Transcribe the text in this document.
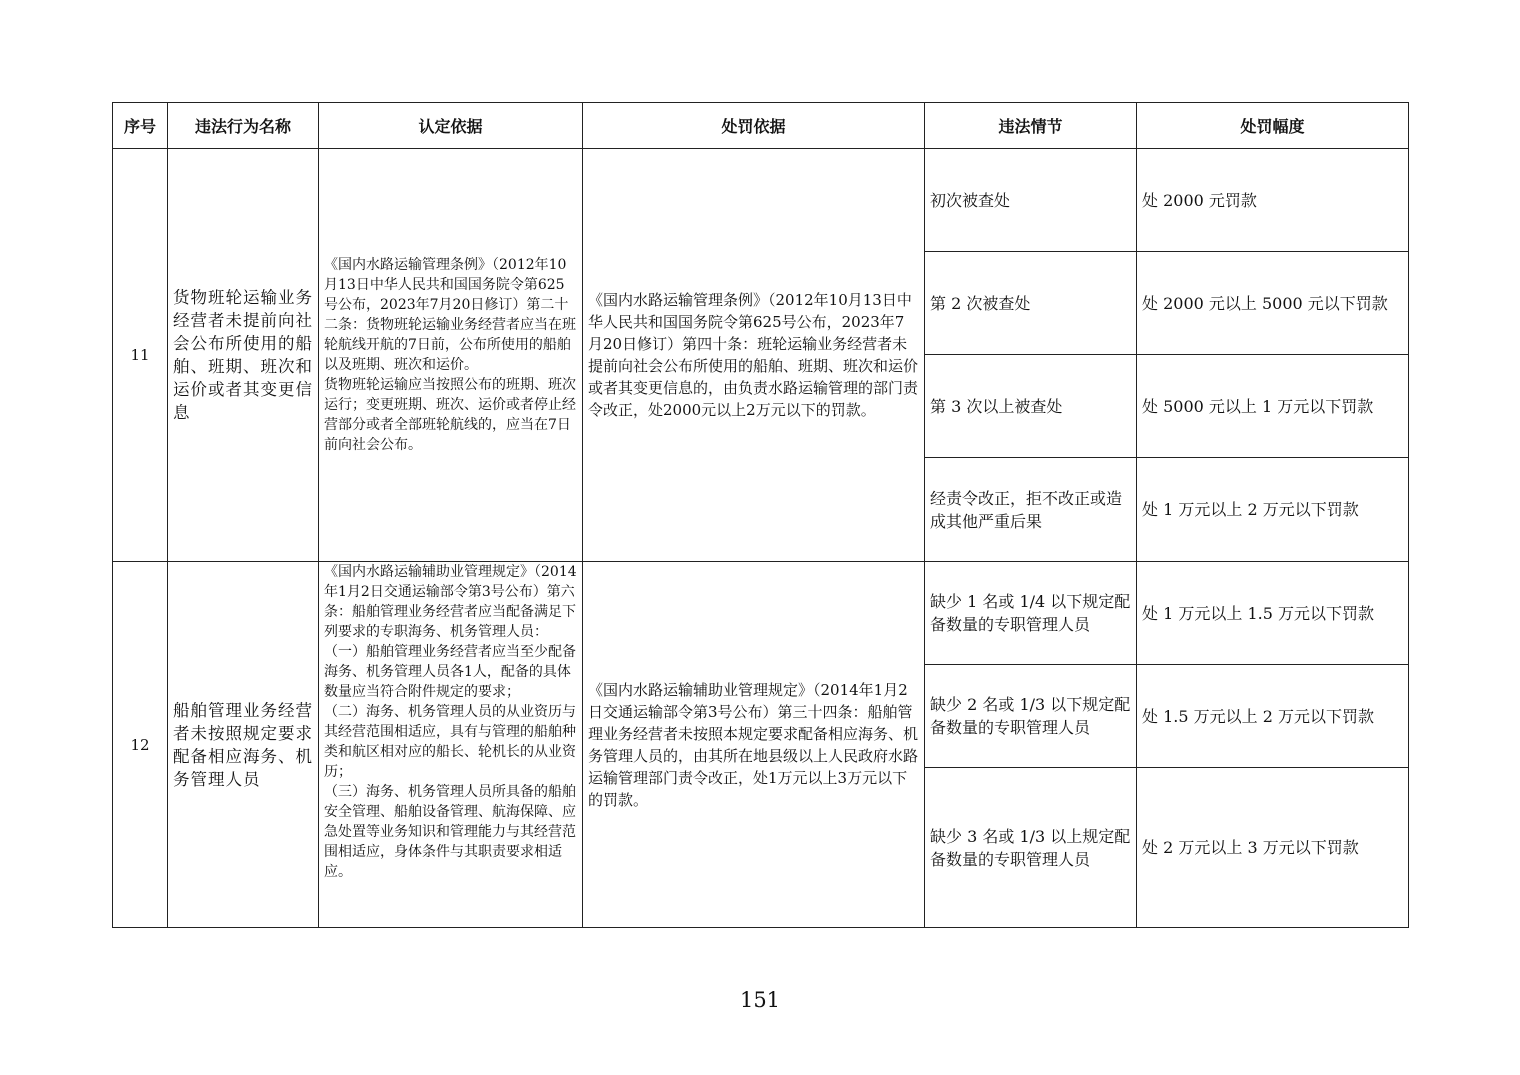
序号	违法行为名称	认定依据	处罚依据	违法情节	处罚幅度
11	货物班轮运输业务经营者未提前向社会公布所使用的船舶、班期、班次和运价或者其变更信息	《国内水路运输管理条例》（2012年10月13日中华人民共和国国务院令第625号公布，2023年7月20日修订）第二十二条：货物班轮运输业务经营者应当在班轮航线开航的7日前，公布所使用的船舶以及班期、班次和运价。

货物班轮运输应当按照公布的班期、班次运行；变更班期、班次、运价或者停止经营部分或者全部班轮航线的，应当在7日前向社会公布。	《国内水路运输管理条例》（2012年10月13日中华人民共和国国务院令第625号公布，2023年7月20日修订）第四十条：班轮运输业务经营者未提前向社会公布所使用的船舶、班期、班次和运价或者其变更信息的，由负责水路运输管理的部门责令改正，处2000元以上2万元以下的罚款。	初次被查处	处 2000 元罚款
				第 2 次被查处	处 2000 元以上 5000 元以下罚款
				第 3 次以上被查处	处 5000 元以上 1 万元以下罚款
				经责令改正，拒不改正或造成其他严重后果	处 1 万元以上 2 万元以下罚款
12	船舶管理业务经营者未按照规定要求配备相应海务、机务管理人员	《国内水路运输辅助业管理规定》（2014年1月2日交通运输部令第3号公布）第六条：船舶管理业务经营者应当配备满足下列要求的专职海务、机务管理人员：

（一）船舶管理业务经营者应当至少配备海务、机务管理人员各1人，配备的具体数量应当符合附件规定的要求；

（二）海务、机务管理人员的从业资历与其经营范围相适应，具有与管理的船舶种类和航区相对应的船长、轮机长的从业资历；

（三）海务、机务管理人员所具备的船舶安全管理、船舶设备管理、航海保障、应急处置等业务知识和管理能力与其经营范围相适应，身体条件与其职责要求相适应。	《国内水路运输辅助业管理规定》（2014年1月2日交通运输部令第3号公布）第三十四条：船舶管理业务经营者未按照本规定要求配备相应海务、机务管理人员的，由其所在地县级以上人民政府水路运输管理部门责令改正，处1万元以上3万元以下的罚款。	缺少 1 名或 1/4 以下规定配备数量的专职管理人员	处 1 万元以上 1.5 万元以下罚款
				缺少 2 名或 1/3 以下规定配备数量的专职管理人员	处 1.5 万元以上 2 万元以下罚款
				缺少 3 名或 1/3 以上规定配备数量的专职管理人员	处 2 万元以上 3 万元以下罚款
151
